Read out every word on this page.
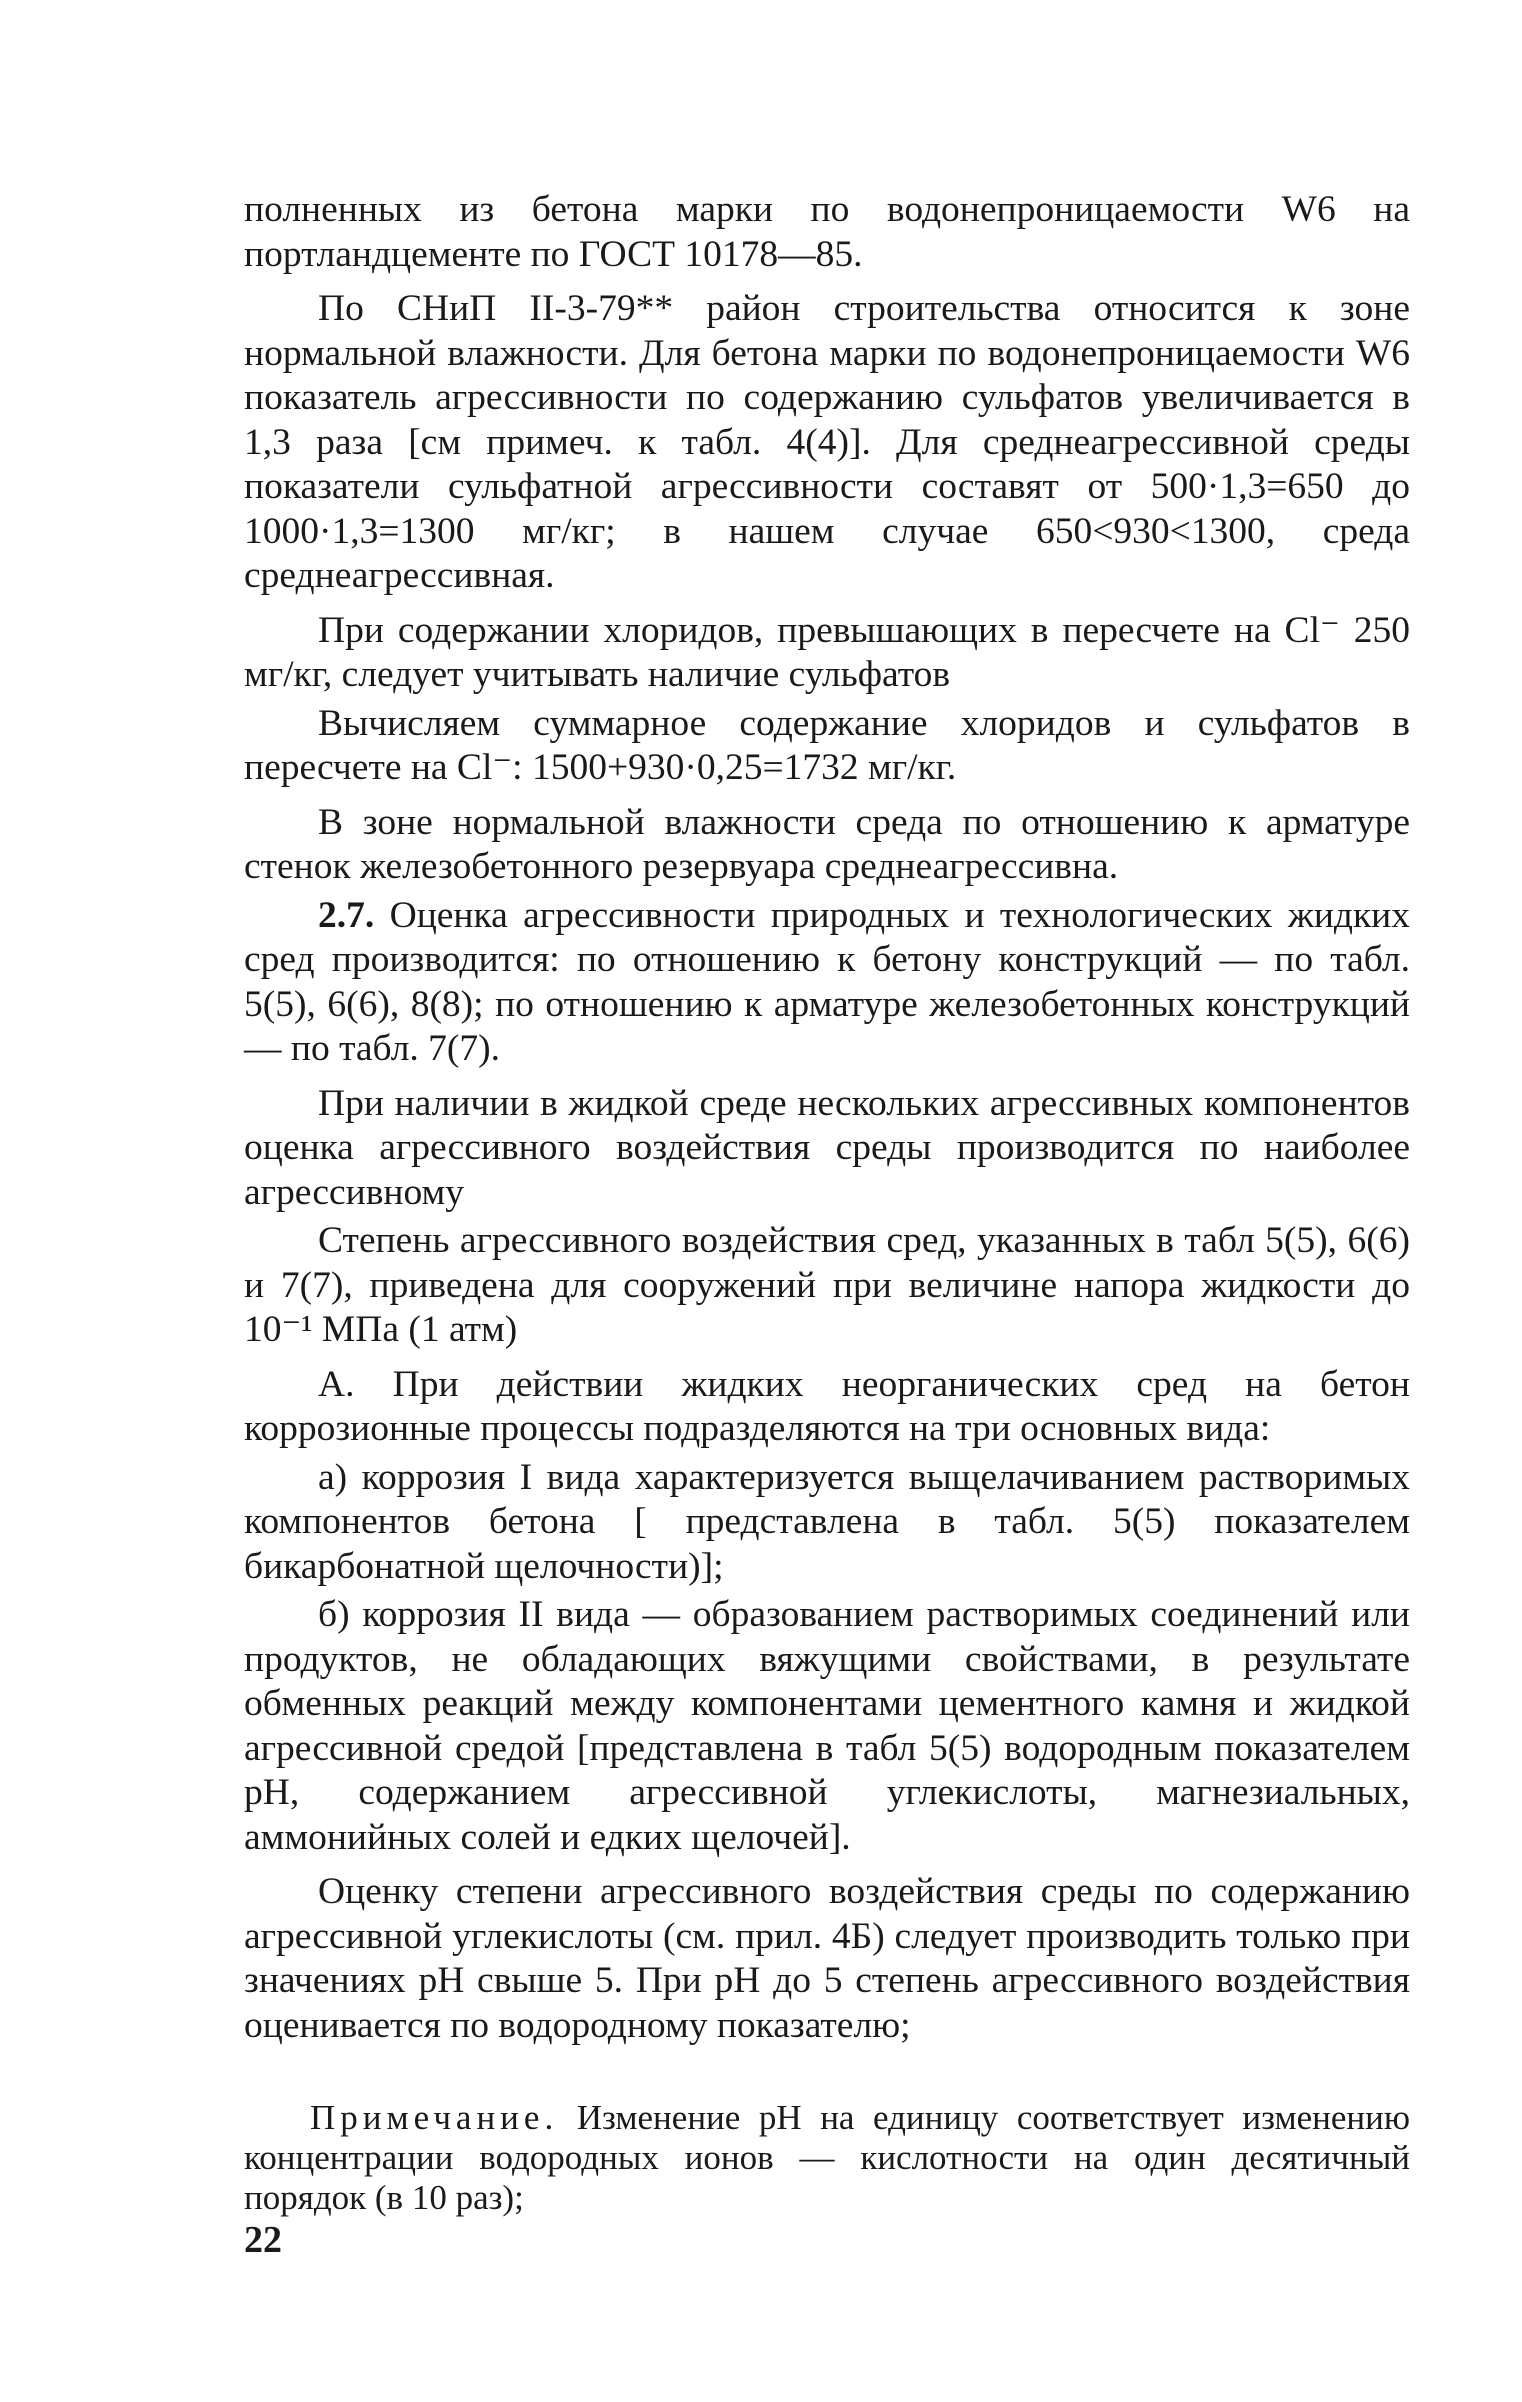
полненных из бетона марки по водонепроницаемости W6 на портландцементе по ГОСТ 10178—85.

По СНиП II-3-79** район строительства относится к зоне нормальной влажности. Для бетона марки по водонепроницаемости W6 показатель агрессивности по содержанию сульфатов увеличивается в 1,3 раза [см примеч. к табл. 4(4)]. Для среднеагрессивной среды показатели сульфатной агрессивности составят от 500·1,3=650 до 1000·1,3=1300 мг/кг; в нашем случае 650<930<1300, среда среднеагрессивная.

При содержании хлоридов, превышающих в пересчете на Cl⁻ 250 мг/кг, следует учитывать наличие сульфатов

Вычисляем суммарное содержание хлоридов и сульфатов в пересчете на Cl⁻: 1500+930·0,25=1732 мг/кг.

В зоне нормальной влажности среда по отношению к арматуре стенок железобетонного резервуара среднеагрессивна.

2.7. Оценка агрессивности природных и технологических жидких сред производится: по отношению к бетону конструкций — по табл. 5(5), 6(6), 8(8); по отношению к арматуре железобетонных конструкций — по табл. 7(7).

При наличии в жидкой среде нескольких агрессивных компонентов оценка агрессивного воздействия среды производится по наиболее агрессивному

Степень агрессивного воздействия сред, указанных в табл 5(5), 6(6) и 7(7), приведена для сооружений при величине напора жидкости до 10⁻¹ МПа (1 атм)

А. При действии жидких неорганических сред на бетон коррозионные процессы подразделяются на три основных вида:

а) коррозия I вида характеризуется выщелачиванием растворимых компонентов бетона [ представлена в табл. 5(5) показателем бикарбонатной щелочности)];

б) коррозия II вида — образованием растворимых соединений или продуктов, не обладающих вяжущими свойствами, в результате обменных реакций между компонентами цементного камня и жидкой агрессивной средой [представлена в табл 5(5) водородным показателем pH, содержанием агрессивной углекислоты, магнезиальных, аммонийных солей и едких щелочей].

Оценку степени агрессивного воздействия среды по содержанию агрессивной углекислоты (см. прил. 4Б) следует производить только при значениях pH свыше 5. При pH до 5 степень агрессивного воздействия оценивается по водородному показателю;

Примечание. Изменение pH на единицу соответствует изменению концентрации водородных ионов — кислотности на один десятичный порядок (в 10 раз);

22
